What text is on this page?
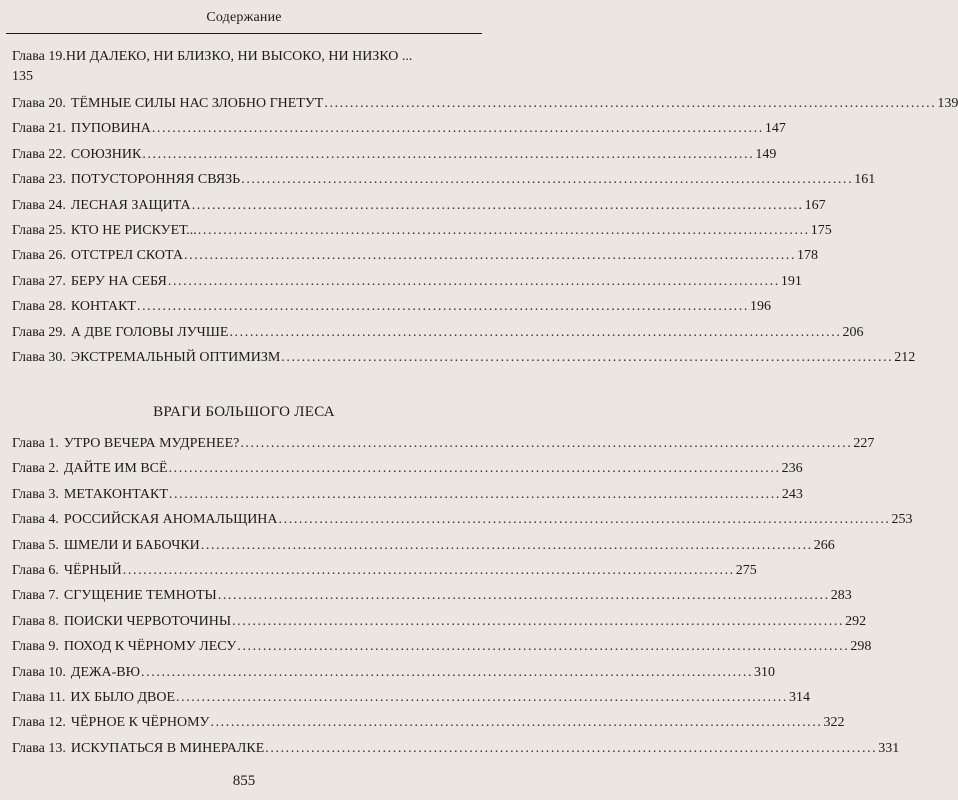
Содержание
Глава 19.НИ ДАЛЕКО, НИ БЛИЗКО, НИ ВЫСОКО, НИ НИЗКО ...
135
Глава 20. ТЁМНЫЕ СИЛЫ НАС ЗЛОБНО ГНЕТУТ ........................................................................................................................ 139
Глава 21. ПУПОВИНА ........................................................................................................................ 147
Глава 22. СОЮЗНИК ........................................................................................................................ 149
Глава 23. ПОТУСТОРОННЯЯ СВЯЗЬ ........................................................................................................................ 161
Глава 24. ЛЕСНАЯ ЗАЩИТА ........................................................................................................................ 167
Глава 25. КТО НЕ РИСКУЕТ... ........................................................................................................................ 175
Глава 26. ОТСТРЕЛ СКОТА ........................................................................................................................ 178
Глава 27. БЕРУ НА СЕБЯ ........................................................................................................................ 191
Глава 28. КОНТАКТ ........................................................................................................................ 196
Глава 29. А ДВЕ ГОЛОВЫ ЛУЧШЕ ........................................................................................................................ 206
Глава 30. ЭКСТРЕМАЛЬНЫЙ ОПТИМИЗМ ........................................................................................................................ 212
ВРАГИ БОЛЬШОГО ЛЕСА
Глава 1. УТРО ВЕЧЕРА МУДРЕНЕЕ? ........................................................................................................................ 227
Глава 2. ДАЙТЕ ИМ ВСЁ ........................................................................................................................ 236
Глава 3. МЕТАКОНТАКТ ........................................................................................................................ 243
Глава 4. РОССИЙСКАЯ АНОМАЛЬЩИНА ........................................................................................................................ 253
Глава 5. ШМЕЛИ И БАБОЧКИ ........................................................................................................................ 266
Глава 6. ЧЁРНЫЙ ........................................................................................................................ 275
Глава 7. СГУЩЕНИЕ ТЕМНОТЫ ........................................................................................................................ 283
Глава 8. ПОИСКИ ЧЕРВОТОЧИНЫ ........................................................................................................................ 292
Глава 9. ПОХОД К ЧЁРНОМУ ЛЕСУ ........................................................................................................................ 298
Глава 10. ДЕЖА-ВЮ ........................................................................................................................ 310
Глава 11. ИХ БЫЛО ДВОЕ ........................................................................................................................ 314
Глава 12. ЧЁРНОЕ К ЧЁРНОМУ ........................................................................................................................ 322
Глава 13. ИСКУПАТЬСЯ В МИНЕРАЛКЕ ........................................................................................................................ 331
855
